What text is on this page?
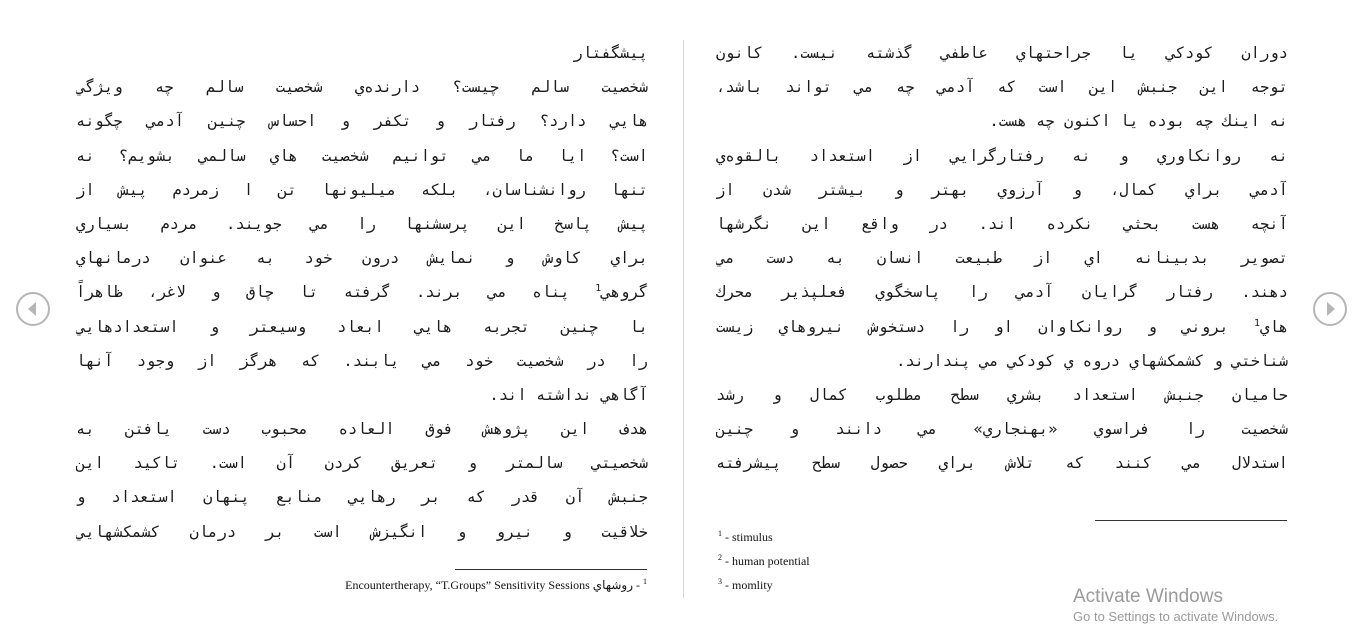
پيشگفتار
شخصيت سالم چيست؟ دارنده‌ي شخصيت سالم چه ويژگي
هايي دارد؟ رفتار و تكفر و احساس چنين آدمي چگونه
است؟ ايا ما مي توانيم شخصيت هاي سالمي بشويم؟ نه
تنها روانشناسان، بلكه ميليونها تن ا زمردم پيش از
پيش پاسخ اين پرسشنها را مي جويند. مردم بسياري
براي كاوش و نمايش درون خود به عنوان درمانهاي
گروهي$^1$ پناه مي برند. گرفته تا چاق و لاغر، ظاهراً
با چنين تجربه هايي ابعاد وسيعتر و استعدادهايي
را در شخصيت خود مي يابند. كه هرگز از وجود آنها
آگاهي نداشته اند.
هدف اين پژوهش فوق العاده محبوب دست يافتن به
شخصيتي سالمتر و تعريق كردن آن است. تاكيد اين
جنبش آن قدر كه بر رهايي منابع پنهان استعداد و
خلاقيت و نيرو و انگيزش است بر درمان كشمكشهايي
$^1$ - روشهاي Encountertherapy, “T.Groups” Sensitivity Sessions
دوران كودكي يا جراحتهاي عاطفي گذشته نيست. كانون
توجه اين جنبش اين است كه آدمي چه مي تواند باشد،
نه اينك چه بوده يا اكنون چه هست.
نه روانكاوري و نه رفتارگرايي از استعداد بالقوه‌ي
آدمي براي كمال، و آرزوي بهتر و بيشتر شدن از
آنچه هست بحثي نكرده اند. در واقع اين نگرشها
تصوير بدبينانه اي از طبيعت انسان به دست مي
دهند. رفتار گرايان آدمي را پاسخگوي فعلپذير محرك
هاي$^1$ بروني و روانكاوان او را دستخوش نيروهاي زيست
شناختي و كشمكشهاي دروه ي كودكي مي پندارند.
حاميان جنبش استعداد بشري سطح مطلوب كمال و رشد
شخصيت را فراسوي «بهنجاري» مي دانند و چنين
استدلال مي كنند كه تلاش براي حصول سطح پيشرفته
$^1$ - stimulus
$^2$ - human potential
$^3$ - momlity
Activate Windows
Go to Settings to activate Windows.
